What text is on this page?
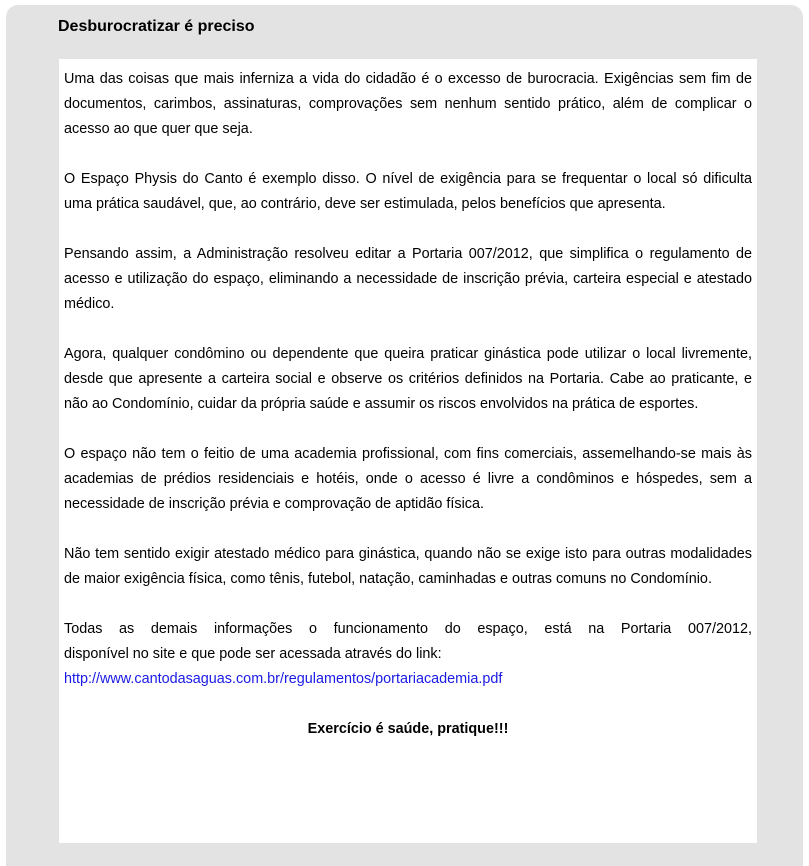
Desburocratizar é preciso

Uma das coisas que mais inferniza a vida do cidadão é o excesso de burocracia. Exigências sem fim de documentos, carimbos, assinaturas, comprovações sem nenhum sentido prático, além de complicar o acesso ao que quer que seja.

O Espaço Physis do Canto é exemplo disso. O nível de exigência para se frequentar o local só dificulta uma prática saudável, que, ao contrário, deve ser estimulada, pelos benefícios que apresenta.

Pensando assim, a Administração resolveu editar a Portaria 007/2012, que simplifica o regulamento de acesso e utilização do espaço, eliminando a necessidade de inscrição prévia, carteira especial e atestado médico.

Agora, qualquer condômino ou dependente que queira praticar ginástica pode utilizar o local livremente, desde que apresente a carteira social e observe os critérios definidos na Portaria. Cabe ao praticante, e não ao Condomínio, cuidar da própria saúde e assumir os riscos envolvidos na prática de esportes.

O espaço não tem o feitio de uma academia profissional, com fins comerciais, assemelhando-se mais às academias de prédios residenciais e hotéis, onde o acesso é livre a condôminos e hóspedes, sem a necessidade de inscrição prévia e comprovação de aptidão física.

Não tem sentido exigir atestado médico para ginástica, quando não se exige isto para outras modalidades de maior exigência física, como tênis, futebol, natação, caminhadas e outras comuns no Condomínio.

Todas as demais informações o funcionamento do espaço, está na Portaria 007/2012,
disponível no site e que pode ser acessada através do link:
http://www.cantodasaguas.com.br/regulamentos/portariacademia.pdf

Exercício é saúde, pratique!!!
